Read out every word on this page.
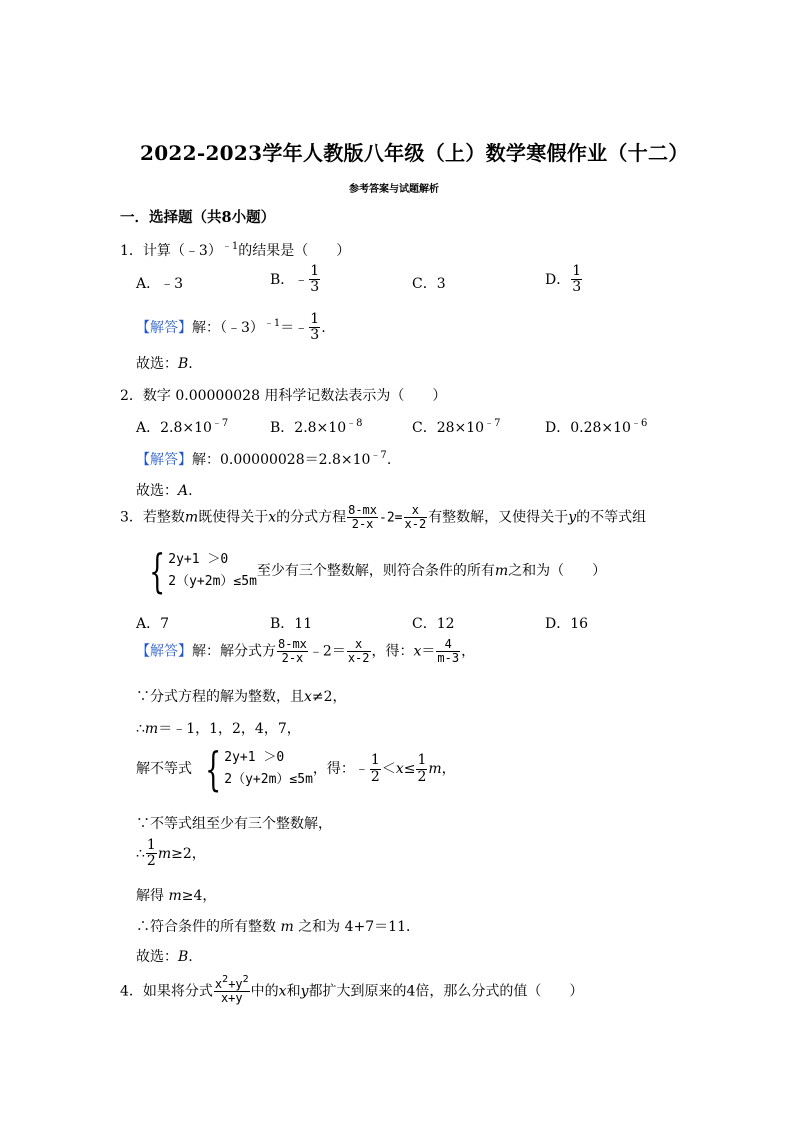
2022-2023学年人教版八年级（上）数学寒假作业（十二）
参考答案与试题解析
一．选择题（共8小题）
1．计算（﹣3）$^{﹣1}$的结果是（　　）
A．﹣3	B．﹣ $\frac{1}{3}$	C．3	D． $\frac{1}{3}$
【解答】解：（﹣3）$^{﹣1}$＝﹣ $\frac{1}{3}$ .
故选：B.
2．数字 0.00000028 用科学记数法表示为（　　）
A．$2.8\times 10^{﹣7}$	B．$2.8\times 10^{﹣8}$	C．$28\times 10^{﹣7}$	D．$0.28\times 10^{﹣6}$
【解答】解：$0.00000028=2.8\times 10^{﹣7}$.
故选：A.
3．若整数m既使得关于x的分式方程 $\frac{8-mx}{2-x} -2= \frac{x}{x-2}$ 有整数解，又使得关于y的不等式组
{ 2y+1 ＞0
2（y+2m）≤5m
至少有三个整数解，则符合条件的所有m之和为（　　）
A．7	B．11	C．12	D．16
【解答】解：解分式方 $\frac{8-mx}{2-x}$ ﹣2＝ $\frac{x}{x-2}$ ，得：$x= \frac{4}{m-3}$ ，
∵分式方程的解为整数，且x≠2，
∴m＝﹣1，1，2，4，7，
解不等式 { 2y+1 ＞0
2（y+2m）≤5m
，得：﹣ $\frac{1}{2} <x\le \frac{1}{2}$ m，
∵不等式组至少有三个整数解，
∴ $\frac{1}{2} m\ge 2$，
解得 m≥4，
∴符合条件的所有整数 m 之和为 4+7＝11．
故选：B.
4．如果将分式 $\frac{x^2+y^2}{x+y}$ 中的x和y都扩大到原来的4倍，那么分式的值（　　）
